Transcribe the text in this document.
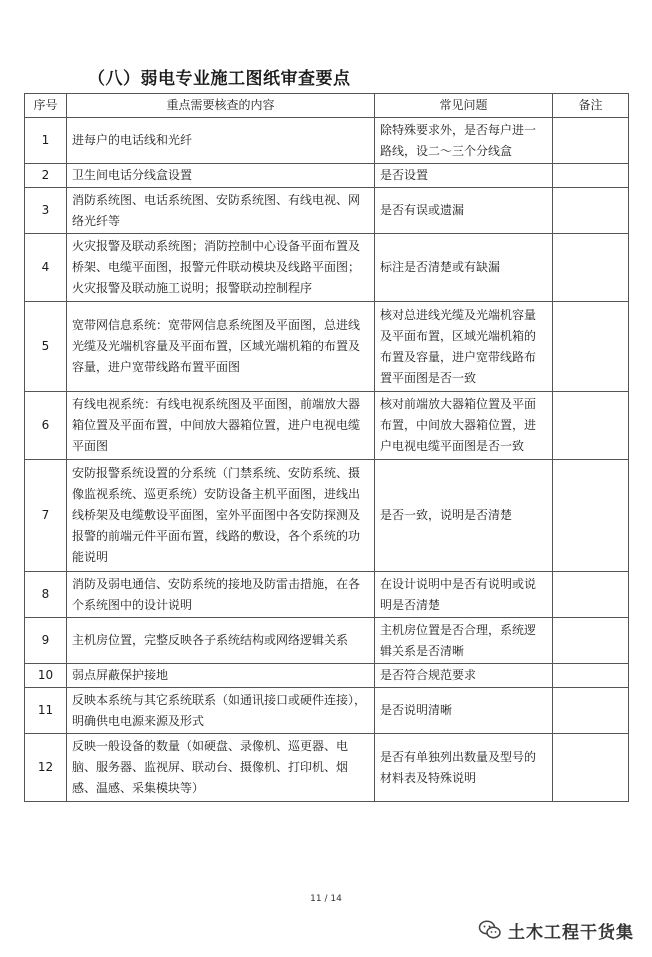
（八）弱电专业施工图纸审查要点
序号	重点需要核查的内容	常见问题	备注
1	进每户的电话线和光纤	除特殊要求外，是否每户进一路线，设二～三个分线盒	
2	卫生间电话分线盒设置	是否设置	
3	消防系统图、电话系统图、安防系统图、有线电视、网络光纤等	是否有误或遗漏	
4	火灾报警及联动系统图；消防控制中心设备平面布置及桥架、电缆平面图，报警元件联动模块及线路平面图；火灾报警及联动施工说明；报警联动控制程序	标注是否清楚或有缺漏	
5	宽带网信息系统：宽带网信息系统图及平面图，总进线光缆及光端机容量及平面布置，区域光端机箱的布置及容量，进户宽带线路布置平面图	核对总进线光缆及光端机容量及平面布置，区域光端机箱的布置及容量，进户宽带线路布置平面图是否一致	
6	有线电视系统：有线电视系统图及平面图，前端放大器箱位置及平面布置，中间放大器箱位置，进户电视电缆平面图	核对前端放大器箱位置及平面布置，中间放大器箱位置，进户电视电缆平面图是否一致	
7	安防报警系统设置的分系统（门禁系统、安防系统、摄像监视系统、巡更系统）安防设备主机平面图，进线出线桥架及电缆敷设平面图，室外平面图中各安防探测及报警的前端元件平面布置，线路的敷设，各个系统的功能说明	是否一致，说明是否清楚	
8	消防及弱电通信、安防系统的接地及防雷击措施，在各个系统图中的设计说明	在设计说明中是否有说明或说明是否清楚	
9	主机房位置，完整反映各子系统结构或网络逻辑关系	主机房位置是否合理，系统逻辑关系是否清晰	
10	弱点屏蔽保护接地	是否符合规范要求	
11	反映本系统与其它系统联系（如通讯接口或硬件连接），明确供电电源来源及形式	是否说明清晰	
12	反映一般设备的数量（如硬盘、录像机、巡更器、电脑、服务器、监视屏、联动台、摄像机、打印机、烟感、温感、采集模块等）	是否有单独列出数量及型号的材料表及特殊说明	
11 / 14
土木工程干货集
